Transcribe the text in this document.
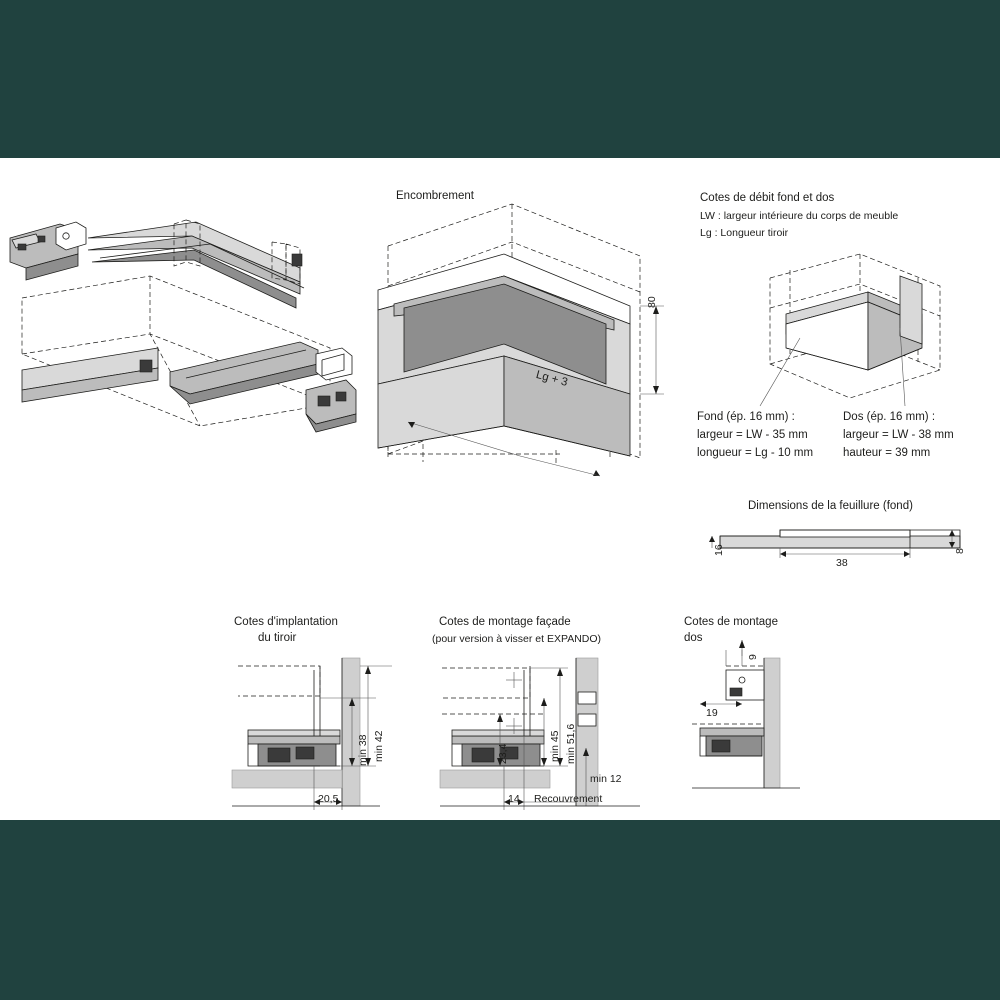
Encombrement	Cotes de débit fond et dos
LW : largeur intérieure du corps de meuble
Lg : Longueur tiroir
Dimensions de la feuillure (fond)
Cotes d'implantation
du tiroir
Cotes de montage façade
(pour version à visser et EXPANDO)
Cotes de montage
dos
80
Lg + 3
Fond (ép. 16 mm) :
largeur = LW - 35 mm
longueur = Lg - 10 mm
Dos (ép. 16 mm) :
largeur = LW - 38 mm
hauteur = 39 mm
16
38
8
min 42
min 38
20,5
min 51,6
min 45
23,4
min 12
14 Recouvrement
9
19
